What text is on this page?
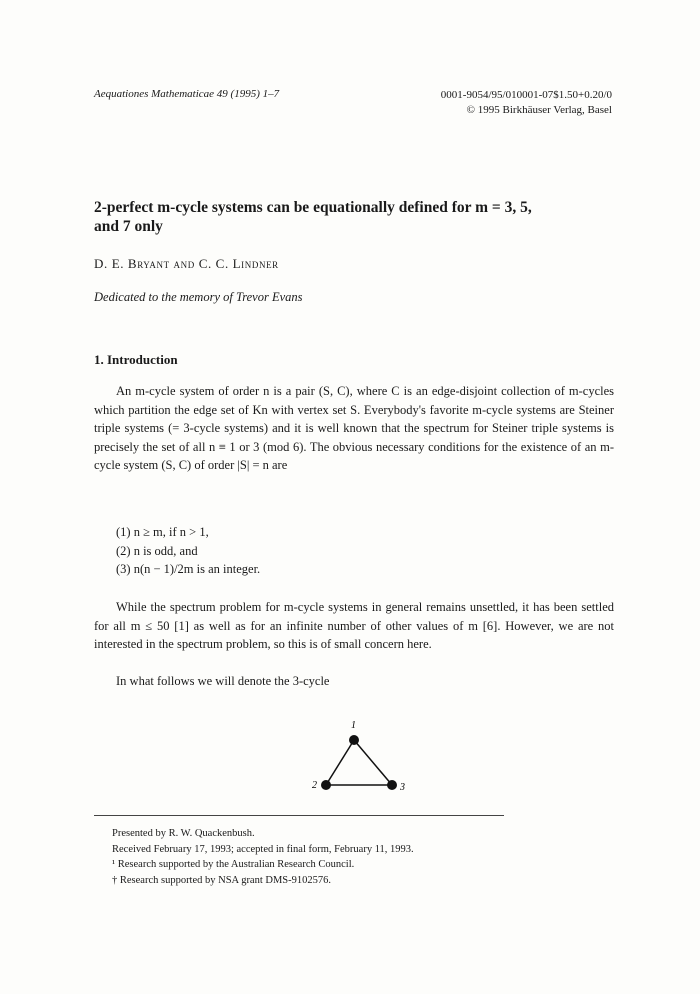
Aequationes Mathematicae 49 (1995) 1–7	0001-9054/95/010001-07$1.50+0.20/0
© 1995 Birkhäuser Verlag, Basel
2-perfect m-cycle systems can be equationally defined for m = 3, 5, and 7 only
D. E. Bryant and C. C. Lindner
Dedicated to the memory of Trevor Evans
1. Introduction

An m-cycle system of order n is a pair (S, C), where C is an edge-disjoint collection of m-cycles which partition the edge set of Kn with vertex set S. Everybody's favorite m-cycle systems are Steiner triple systems (= 3-cycle systems) and it is well known that the spectrum for Steiner triple systems is precisely the set of all n ≡ 1 or 3 (mod 6). The obvious necessary conditions for the existence of an m-cycle system (S, C) of order |S| = n are

(1) n ≥ m, if n > 1,
(2) n is odd, and
(3) n(n − 1)/2m is an integer.

While the spectrum problem for m-cycle systems in general remains unsettled, it has been settled for all m ≤ 50 [1] as well as for an infinite number of other values of m [6]. However, we are not interested in the spectrum problem, so this is of small concern here.

In what follows we will denote the 3-cycle

1
2	3
Presented by R. W. Quackenbush.
Received February 17, 1993; accepted in final form, February 11, 1993.
¹ Research supported by the Australian Research Council.
† Research supported by NSA grant DMS-9102576.
